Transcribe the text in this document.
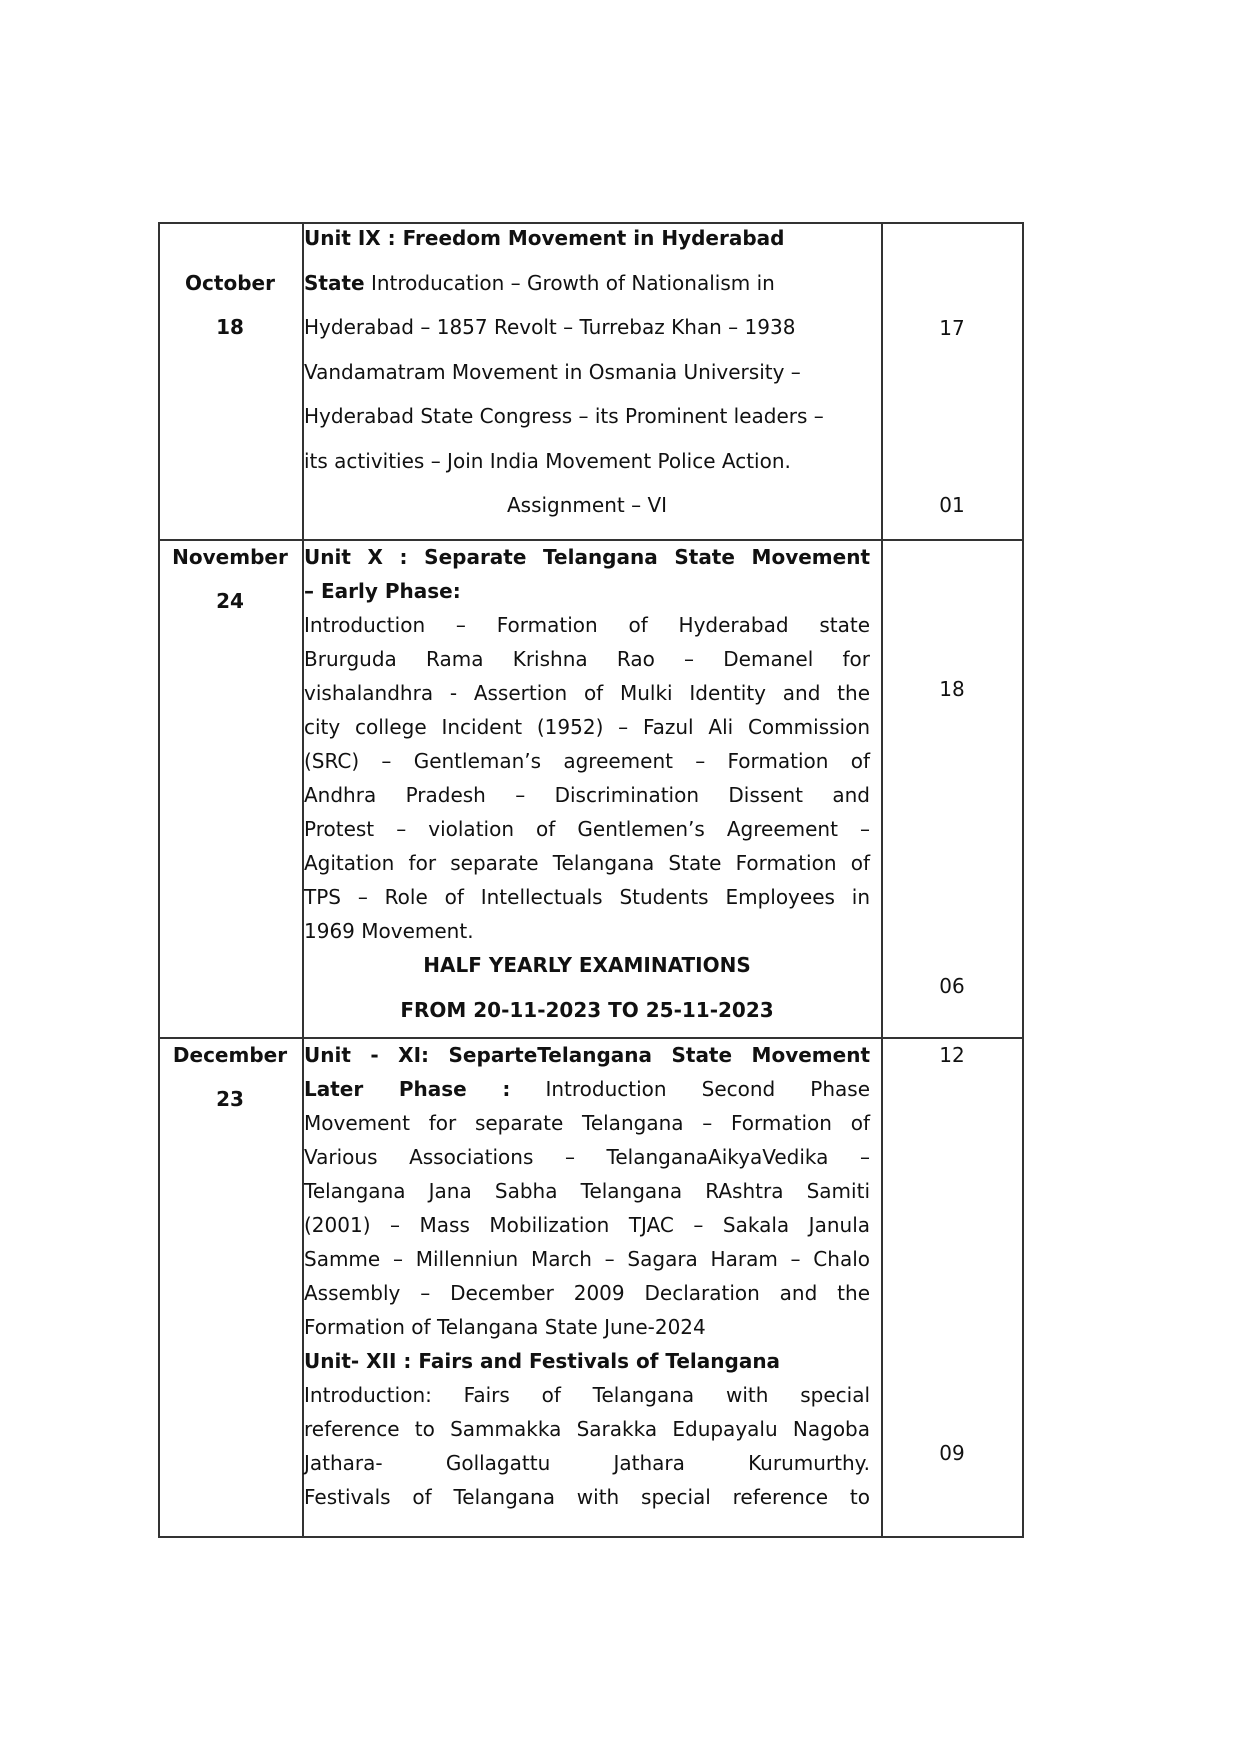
October
18
Unit IX : Freedom Movement in Hyderabad
State Introducation – Growth of Nationalism in
Hyderabad – 1857 Revolt – Turrebaz Khan – 1938
Vandamatram Movement in Osmania University –
Hyderabad State Congress – its Prominent leaders –
its activities – Join India Movement Police Action.
Assignment – VI
17
01
November
24
Unit X : Separate Telangana State Movement
– Early Phase:
Introduction – Formation of Hyderabad state
Brurguda Rama Krishna Rao – Demanel for
vishalandhra - Assertion of Mulki Identity and the
city college Incident (1952) – Fazul Ali Commission
(SRC) – Gentleman’s agreement – Formation of
Andhra Pradesh – Discrimination Dissent and
Protest – violation of Gentlemen’s Agreement –
Agitation for separate Telangana State Formation of
TPS – Role of Intellectuals Students Employees in
1969 Movement.
HALF YEARLY EXAMINATIONS
FROM 20-11-2023 TO 25-11-2023
18
06
December
23
Unit - XI: SeparteTelangana State Movement
Later Phase : Introduction Second Phase
Movement for separate Telangana – Formation of
Various Associations – TelanganaAikyaVedika –
Telangana Jana Sabha Telangana RAshtra Samiti
(2001) – Mass Mobilization TJAC – Sakala Janula
Samme – Millenniun March – Sagara Haram – Chalo
Assembly – December 2009 Declaration and the
Formation of Telangana State June-2024
Unit- XII : Fairs and Festivals of Telangana
Introduction: Fairs of Telangana with special
reference to Sammakka Sarakka Edupayalu Nagoba
Jathara- Gollagattu Jathara Kurumurthy.
Festivals of Telangana with special reference to
12
09
